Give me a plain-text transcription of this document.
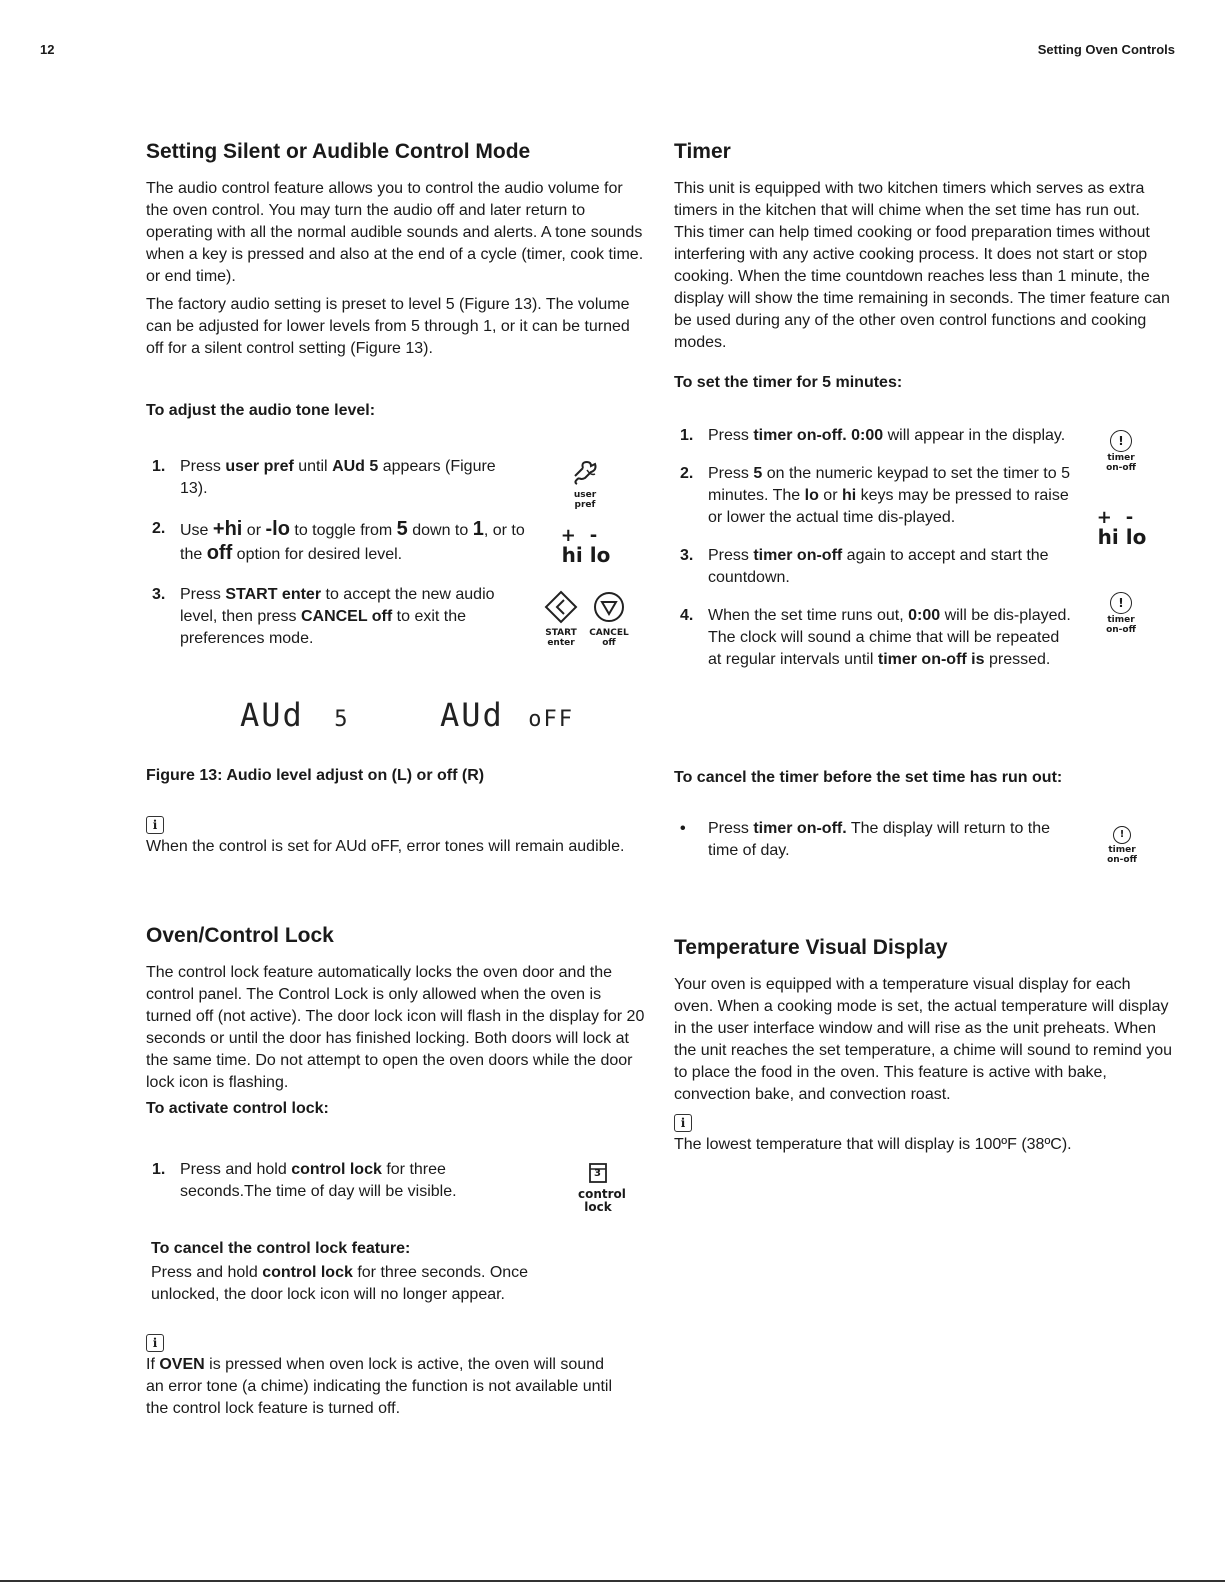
12	Setting Oven Controls
Setting Silent or Audible Control Mode

The audio control feature allows you to control the audio volume for the oven control. You may turn the audio off and later return to operating with all the normal audible sounds and alerts. A tone sounds when a key is pressed and also at the end of a cycle (timer, cook time. or end time).

The factory audio setting is preset to level 5 (Figure 13). The volume can be adjusted for lower levels from 5 through 1, or it can be turned off for a silent control setting (Figure 13).

To adjust the audio tone level:
1. Press user pref until AUd 5 appears (Figure 13).
2. Use +hi or -lo to toggle from 5 down to 1, or to the off option for desired level.
3. Press START enter to accept the new audio level, then press CANCEL off to exit the preferences mode.
user pref
+-
hi lo
START
enter
CANCEL
off
AUd 5	AUd oFF
Figure 13: Audio level adjust on (L) or off (R)
i

When the control is set for AUd oFF, error tones will remain audible.

Oven/Control Lock

The control lock feature automatically locks the oven door and the control panel. The Control Lock is only allowed when the oven is turned off (not active). The door lock icon will flash in the display for 20 seconds or until the door has finished locking. Both doors will lock at the same time. Do not attempt to open the oven doors while the door lock icon is flashing.

To activate control lock:
1. Press and hold control lock for three seconds.The time of day will be visible.
3
control lock
To cancel the control lock feature:

Press and hold control lock for three seconds. Once unlocked, the door lock icon will no longer appear.

i

If OVEN is pressed when oven lock is active, the oven will sound an error tone (a chime) indicating the function is not available until the control lock feature is turned off.

Timer

This unit is equipped with two kitchen timers which serves as extra timers in the kitchen that will chime when the set time has run out. This timer can help timed cooking or food preparation times without interfering with any active cooking process. It does not start or stop cooking. When the time countdown reaches less than 1 minute, the display will show the time remaining in seconds. The timer feature can be used during any of the other oven control functions and cooking modes.

To set the timer for 5 minutes:
1. Press timer on-off. 0:00 will appear in the display.
2. Press 5 on the numeric keypad to set the timer to 5 minutes. The lo or hi keys may be pressed to raise or lower the actual time dis-played.
3. Press timer on-off again to accept and start the countdown.
4. When the set time runs out, 0:00 will be dis-played. The clock will sound a chime that will be repeated at regular intervals until timer on-off is pressed.
!
timer on-off
+-
hi lo
!
timer on-off
To cancel the timer before the set time has run out:
•	Press timer on-off. The display will return to the time of day.
!
timer on-off
Temperature Visual Display

Your oven is equipped with a temperature visual display for each oven. When a cooking mode is set, the actual temperature will display in the user interface window and will rise as the unit preheats. When the unit reaches the set temperature, a chime will sound to remind you to place the food in the oven. This feature is active with bake, convection bake, and convection roast.

i

The lowest temperature that will display is 100ºF (38ºC).
